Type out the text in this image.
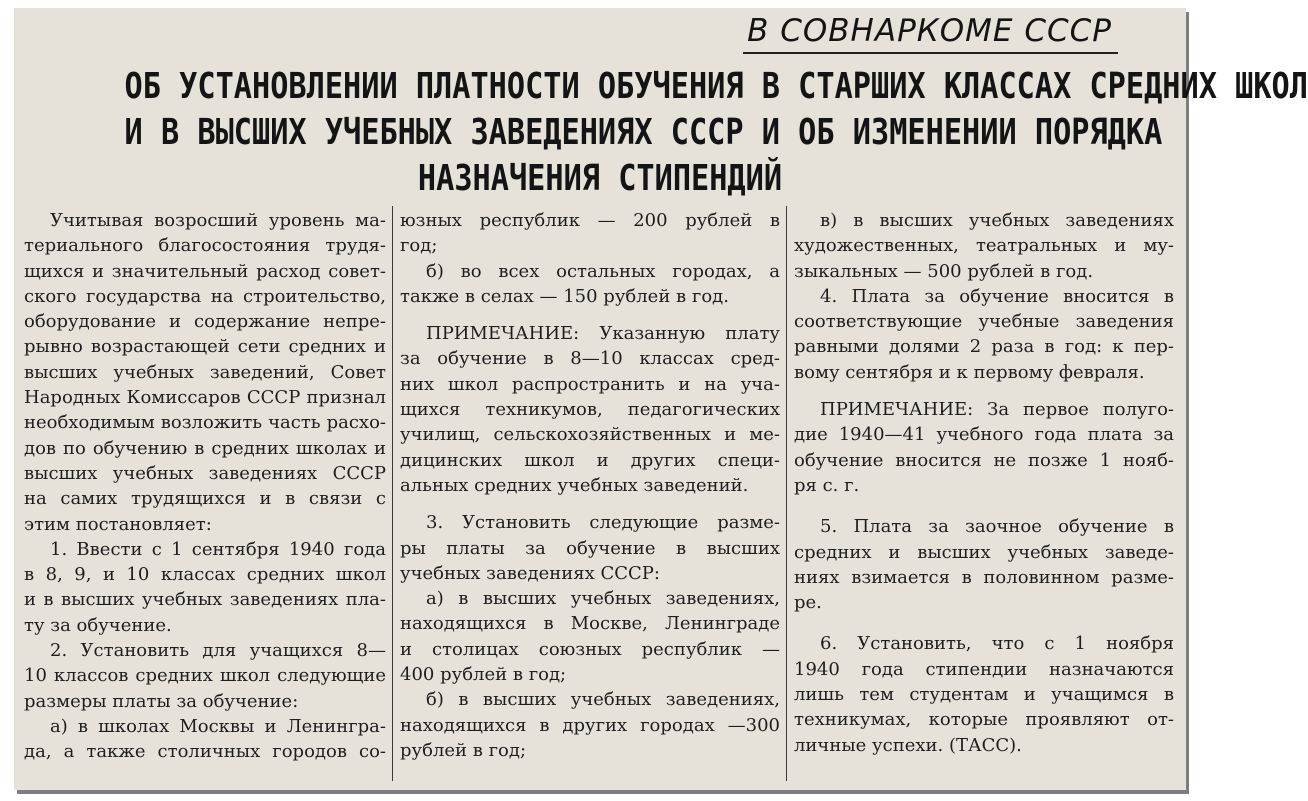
В СОВНАРКОМЕ СССР
ОБ УСТАНОВЛЕНИИ ПЛАТНОСТИ ОБУЧЕНИЯ В СТАРШИХ КЛАССАХ СРЕДНИХ ШКОЛ
И В ВЫСШИХ УЧЕБНЫХ ЗАВЕДЕНИЯХ СССР И ОБ ИЗМЕНЕНИИ ПОРЯДКА
НАЗНАЧЕНИЯ СТИПЕНДИЙ
Учитывая возросший уровень ма-
териального благосостояния трудя-
щихся и значительный расход совет-
ского государства на строительство,
оборудование и содержание непре-
рывно возрастающей сети средних и
высших учебных заведений, Совет
Народных Комиссаров СССР признал
необходимым возложить часть расхо-
дов по обучению в средних школах и
высших учебных заведениях СССР
на самих трудящихся и в связи с
этим постановляет:
1. Ввести с 1 сентября 1940 года
в 8, 9, и 10 классах средних школ
и в высших учебных заведениях пла-
ту за обучение.
2. Установить для учащихся 8—
10 классов средних школ следующие
размеры платы за обучение:
а) в школах Москвы и Ленингра-
да, а также столичных городов со-
юзных республик — 200 рублей в
год;
б) во всех остальных городах, а
также в селах — 150 рублей в год.
ПРИМЕЧАНИЕ: Указанную плату
за обучение в 8—10 классах сред-
них школ распространить и на уча-
щихся техникумов, педагогических
училищ, сельскохозяйственных и ме-
дицинских школ и других специ-
альных средних учебных заведений.
3. Установить следующие разме-
ры платы за обучение в высших
учебных заведениях СССР:
а) в высших учебных заведениях,
находящихся в Москве, Ленинграде
и столицах союзных республик —
400 рублей в год;
б) в высших учебных заведениях,
находящихся в других городах —300
рублей в год;
в) в высших учебных заведениях
художественных, театральных и му-
зыкальных — 500 рублей в год.
4. Плата за обучение вносится в
соответствующие учебные заведения
равными долями 2 раза в год: к пер-
вому сентября и к первому февраля.
ПРИМЕЧАНИЕ: За первое полуго-
дие 1940—41 учебного года плата за
обучение вносится не позже 1 нояб-
ря с. г.
5. Плата за заочное обучение в
средних и высших учебных заведе-
ниях взимается в половинном разме-
ре.
6. Установить, что с 1 ноября
1940 года стипендии назначаются
лишь тем студентам и учащимся в
техникумах, которые проявляют от-
личные успехи. (ТАСС).
